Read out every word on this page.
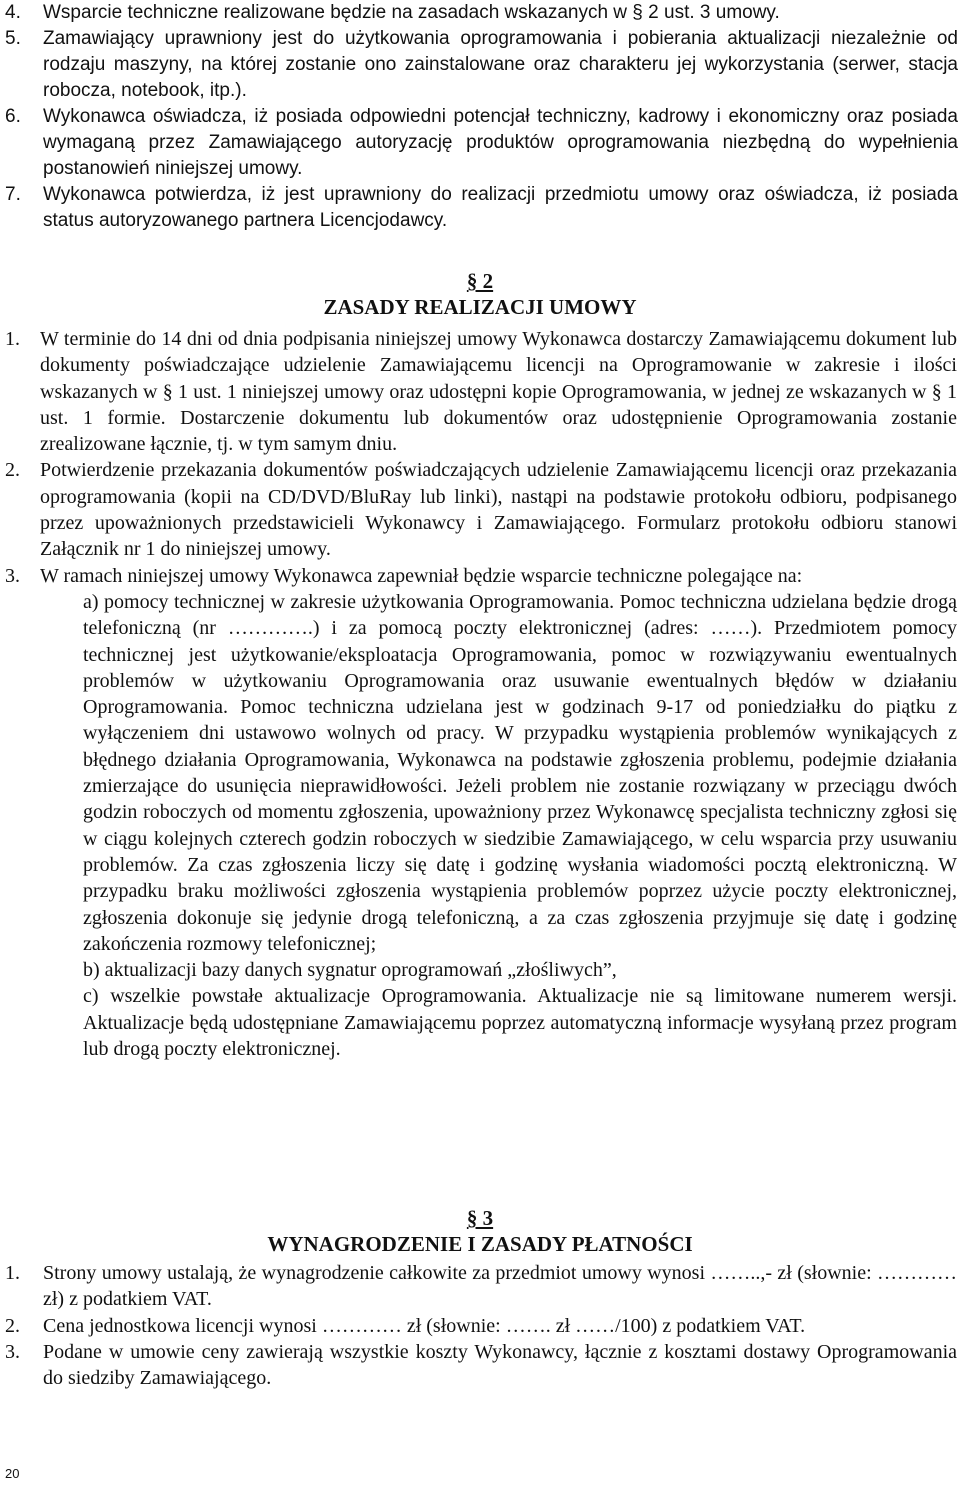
4. Wsparcie techniczne realizowane będzie na zasadach wskazanych w § 2 ust. 3 umowy.

5. Zamawiający uprawniony jest do użytkowania oprogramowania i pobierania aktualizacji niezależnie od rodzaju maszyny, na której zostanie ono zainstalowane oraz charakteru jej wykorzystania (serwer, stacja robocza, notebook, itp.).

6. Wykonawca oświadcza, iż posiada odpowiedni potencjał techniczny, kadrowy i ekonomiczny oraz posiada wymaganą przez Zamawiającego autoryzację produktów oprogramowania niezbędną do wypełnienia postanowień niniejszej umowy.

7. Wykonawca potwierdza, iż jest uprawniony do realizacji przedmiotu umowy oraz oświadcza, iż posiada status autoryzowanego partnera Licencjodawcy.

§ 2

ZASADY REALIZACJI UMOWY

1. W terminie do 14 dni od dnia podpisania niniejszej umowy Wykonawca dostarczy Zamawiającemu dokument lub dokumenty poświadczające udzielenie Zamawiającemu licencji na Oprogramowanie w zakresie i ilości wskazanych w § 1 ust. 1 niniejszej umowy oraz udostępni kopie Oprogramowania, w jednej ze wskazanych w § 1 ust. 1 formie. Dostarczenie dokumentu lub dokumentów oraz udostępnienie Oprogramowania zostanie zrealizowane łącznie, tj. w tym samym dniu.

2. Potwierdzenie przekazania dokumentów poświadczających udzielenie Zamawiającemu licencji oraz przekazania oprogramowania (kopii na CD/DVD/BluRay lub linki), nastąpi na podstawie protokołu odbioru, podpisanego przez upoważnionych przedstawicieli Wykonawcy i Zamawiającego. Formularz protokołu odbioru stanowi Załącznik nr 1 do niniejszej umowy.

3. W ramach niniejszej umowy Wykonawca zapewniał będzie wsparcie techniczne polegające na:

a) pomocy technicznej w zakresie użytkowania Oprogramowania. Pomoc techniczna udzielana będzie drogą telefoniczną (nr ………….) i za pomocą poczty elektronicznej (adres: ……). Przedmiotem pomocy technicznej jest użytkowanie/eksploatacja Oprogramowania, pomoc w rozwiązywaniu ewentualnych problemów w użytkowaniu Oprogramowania oraz usuwanie ewentualnych błędów w działaniu Oprogramowania. Pomoc techniczna udzielana jest w godzinach 9-17 od poniedziałku do piątku z wyłączeniem dni ustawowo wolnych od pracy. W przypadku wystąpienia problemów wynikających z błędnego działania Oprogramowania, Wykonawca na podstawie zgłoszenia problemu, podejmie działania zmierzające do usunięcia nieprawidłowości. Jeżeli problem nie zostanie rozwiązany w przeciągu dwóch godzin roboczych od momentu zgłoszenia, upoważniony przez Wykonawcę specjalista techniczny zgłosi się w ciągu kolejnych czterech godzin roboczych w siedzibie Zamawiającego, w celu wsparcia przy usuwaniu problemów. Za czas zgłoszenia liczy się datę i godzinę wysłania wiadomości pocztą elektroniczną. W przypadku braku możliwości zgłoszenia wystąpienia problemów poprzez użycie poczty elektronicznej, zgłoszenia dokonuje się jedynie drogą telefoniczną, a za czas zgłoszenia przyjmuje się datę i godzinę zakończenia rozmowy telefonicznej;

b) aktualizacji bazy danych sygnatur oprogramowań „złośliwych”,

c) wszelkie powstałe aktualizacje Oprogramowania. Aktualizacje nie są limitowane numerem wersji. Aktualizacje będą udostępniane Zamawiającemu poprzez automatyczną informacje wysyłaną przez program lub drogą poczty elektronicznej.

§ 3

WYNAGRODZENIE I ZASADY PŁATNOŚCI

1. Strony umowy ustalają, że wynagrodzenie całkowite za przedmiot umowy wynosi ……..,- zł (słownie: ………… zł) z podatkiem VAT.

2. Cena jednostkowa licencji wynosi ………… zł (słownie: ……. zł ……/100) z podatkiem VAT.

3. Podane w umowie ceny zawierają wszystkie koszty Wykonawcy, łącznie z kosztami dostawy Oprogramowania do siedziby Zamawiającego.

20
